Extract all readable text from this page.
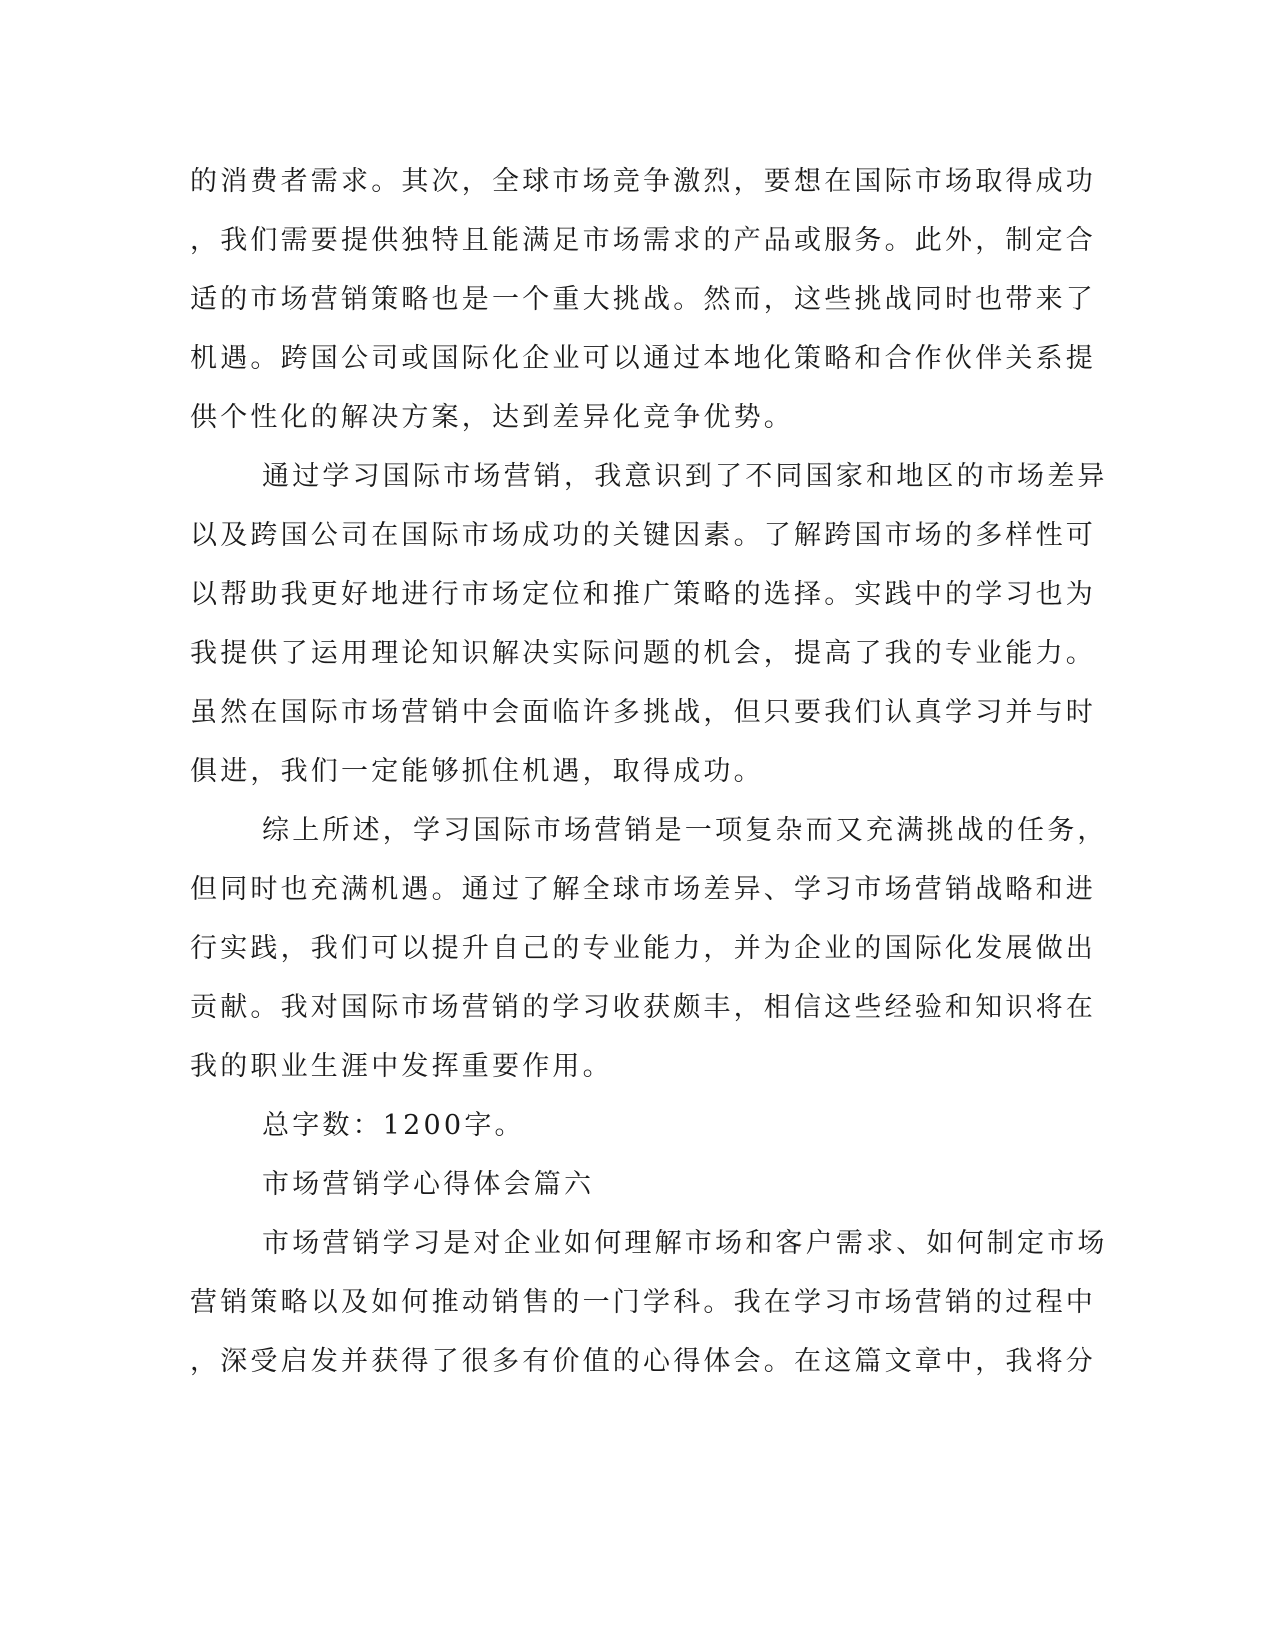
的消费者需求。其次，全球市场竞争激烈，要想在国际市场取得成功
，我们需要提供独特且能满足市场需求的产品或服务。此外，制定合
适的市场营销策略也是一个重大挑战。然而，这些挑战同时也带来了
机遇。跨国公司或国际化企业可以通过本地化策略和合作伙伴关系提
供个性化的解决方案，达到差异化竞争优势。
通过学习国际市场营销，我意识到了不同国家和地区的市场差异
以及跨国公司在国际市场成功的关键因素。了解跨国市场的多样性可
以帮助我更好地进行市场定位和推广策略的选择。实践中的学习也为
我提供了运用理论知识解决实际问题的机会，提高了我的专业能力。
虽然在国际市场营销中会面临许多挑战，但只要我们认真学习并与时
俱进，我们一定能够抓住机遇，取得成功。
综上所述，学习国际市场营销是一项复杂而又充满挑战的任务，
但同时也充满机遇。通过了解全球市场差异、学习市场营销战略和进
行实践，我们可以提升自己的专业能力，并为企业的国际化发展做出
贡献。我对国际市场营销的学习收获颇丰，相信这些经验和知识将在
我的职业生涯中发挥重要作用。
总字数：1200字。
市场营销学心得体会篇六
市场营销学习是对企业如何理解市场和客户需求、如何制定市场
营销策略以及如何推动销售的一门学科。我在学习市场营销的过程中
，深受启发并获得了很多有价值的心得体会。在这篇文章中，我将分
